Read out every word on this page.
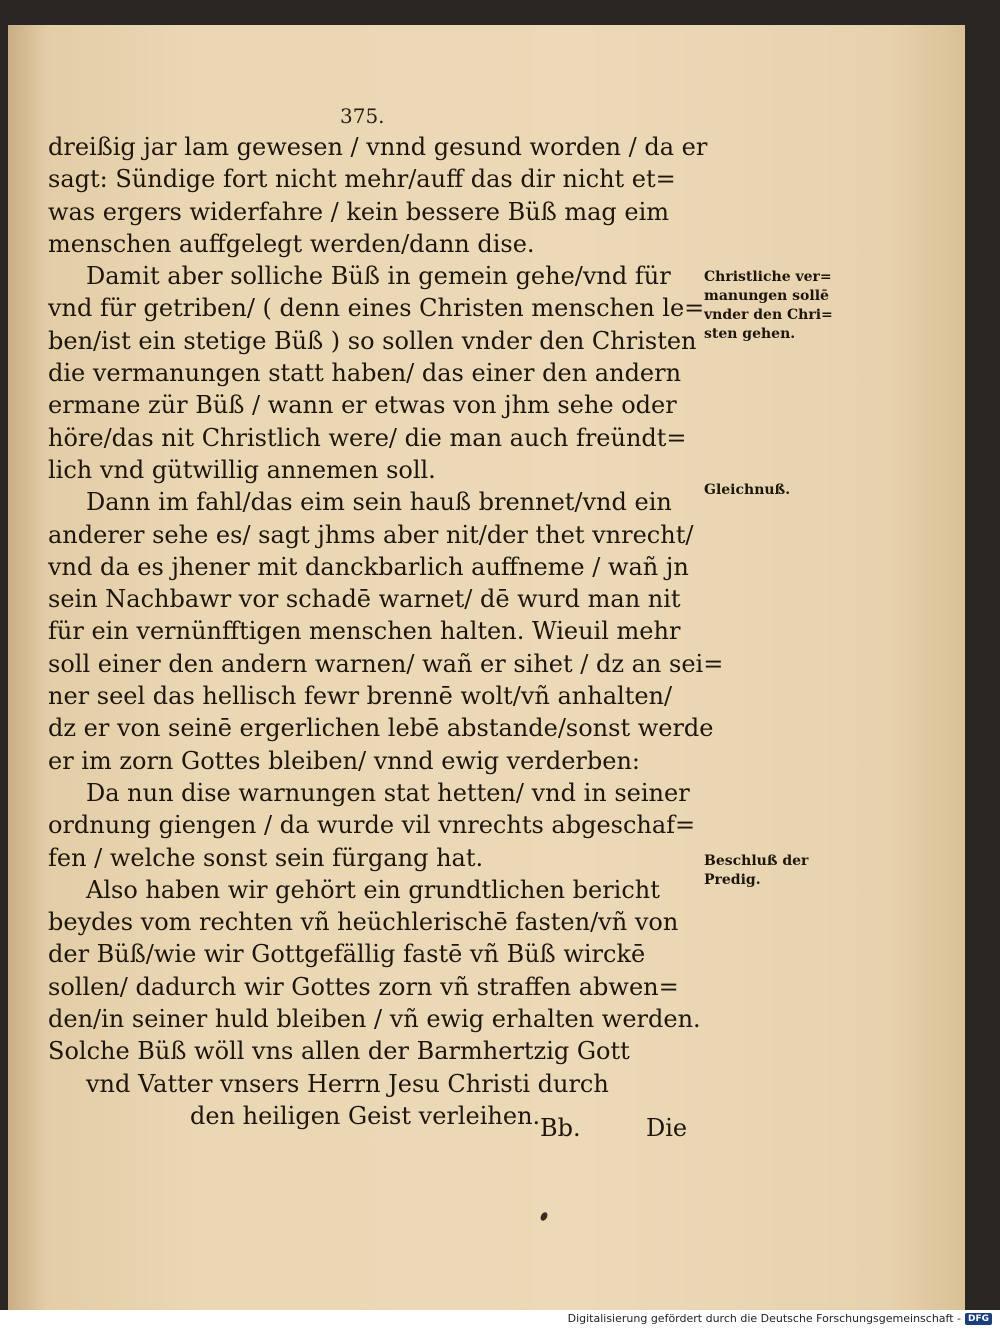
375.
dreißig jar lam gewesen / vnnd gesund worden / da er
sagt: Sündige fort nicht mehr/auff das dir nicht et=
was ergers widerfahre / kein bessere Büß mag eim
menschen auffgelegt werden/dann dise.
Damit aber solliche Büß in gemein gehe/vnd für
vnd für getriben/ ( denn eines Christen menschen le=
ben/ist ein stetige Büß ) so sollen vnder den Christen
die vermanungen statt haben/ das einer den andern
ermane zür Büß / wann er etwas von jhm sehe oder
höre/das nit Christlich were/ die man auch freündt=
lich vnd gütwillig annemen soll.
Dann im fahl/das eim sein hauß brennet/vnd ein
anderer sehe es/ sagt jhms aber nit/der thet vnrecht/
vnd da es jhener mit danckbarlich auffneme / wañ jn
sein Nachbawr vor schadē warnet/ dē wurd man nit
für ein vernünfftigen menschen halten. Wieuil mehr
soll einer den andern warnen/ wañ er sihet / dz an sei=
ner seel das hellisch fewr brennē wolt/vñ anhalten/
dz er von seinē ergerlichen lebē abstande/sonst werde
er im zorn Gottes bleiben/ vnnd ewig verderben:
Da nun dise warnungen stat hetten/ vnd in seiner
ordnung giengen / da wurde vil vnrechts abgeschaf=
fen / welche sonst sein fürgang hat.
Also haben wir gehört ein grundtlichen bericht
beydes vom rechten vñ heüchlerischē fasten/vñ von
der Büß/wie wir Gottgefällig fastē vñ Büß wirckē
sollen/ dadurch wir Gottes zorn vñ straffen abwen=
den/in seiner huld bleiben / vñ ewig erhalten werden.
Solche Büß wöll vns allen der Barmhertzig Gott
vnd Vatter vnsers Herrn Jesu Christi durch
den heiligen Geist verleihen.
Christliche ver=
manungen sollē
vnder den Chri=
sten gehen.
Gleichnuß.
Beschluß der
Predig.
Bb.	Die
Digitalisierung gefördert durch die Deutsche Forschungsgemeinschaft - DFG
